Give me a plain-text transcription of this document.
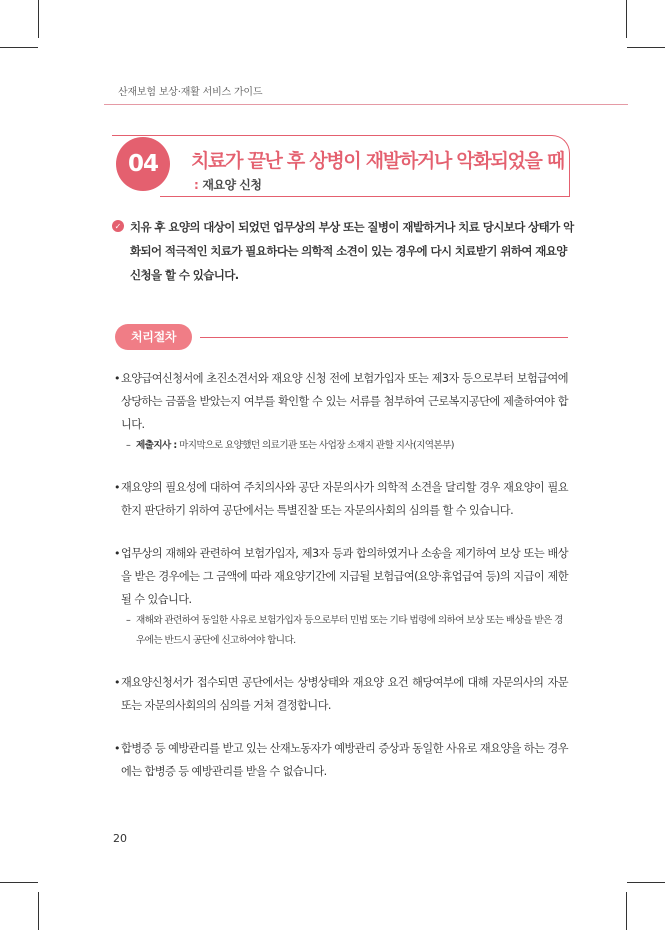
산재보험 보상·재활 서비스 가이드
04	치료가 끝난 후 상병이 재발하거나 악화되었을 때
: 재요양 신청
✓ 치유 후 요양의 대상이 되었던 업무상의 부상 또는 질병이 재발하거나 치료 당시보다 상태가 악화되어 적극적인 치료가 필요하다는 의학적 소견이 있는 경우에 다시 치료받기 위하여 재요양 신청을 할 수 있습니다.
처리절차
• 요양급여신청서에 초진소견서와 재요양 신청 전에 보험가입자 또는 제3자 등으로부터 보험급여에 상당하는 금품을 받았는지 여부를 확인할 수 있는 서류를 첨부하여 근로복지공단에 제출하여야 합니다.
– 제출지사 : 마지막으로 요양했던 의료기관 또는 사업장 소재지 관할 지사(지역본부)
• 재요양의 필요성에 대하여 주치의사와 공단 자문의사가 의학적 소견을 달리할 경우 재요양이 필요한지 판단하기 위하여 공단에서는 특별진찰 또는 자문의사회의 심의를 할 수 있습니다.
• 업무상의 재해와 관련하여 보험가입자, 제3자 등과 합의하였거나 소송을 제기하여 보상 또는 배상을 받은 경우에는 그 금액에 따라 재요양기간에 지급될 보험급여(요양·휴업급여 등)의 지급이 제한될 수 있습니다.
– 재해와 관련하여 동일한 사유로 보험가입자 등으로부터 민법 또는 기타 법령에 의하여 보상 또는 배상을 받은 경우에는 반드시 공단에 신고하여야 합니다.
• 재요양신청서가 접수되면 공단에서는 상병상태와 재요양 요건 해당여부에 대해 자문의사의 자문 또는 자문의사회의의 심의를 거쳐 결정합니다.
• 합병증 등 예방관리를 받고 있는 산재노동자가 예방관리 증상과 동일한 사유로 재요양을 하는 경우에는 합병증 등 예방관리를 받을 수 없습니다.
20
